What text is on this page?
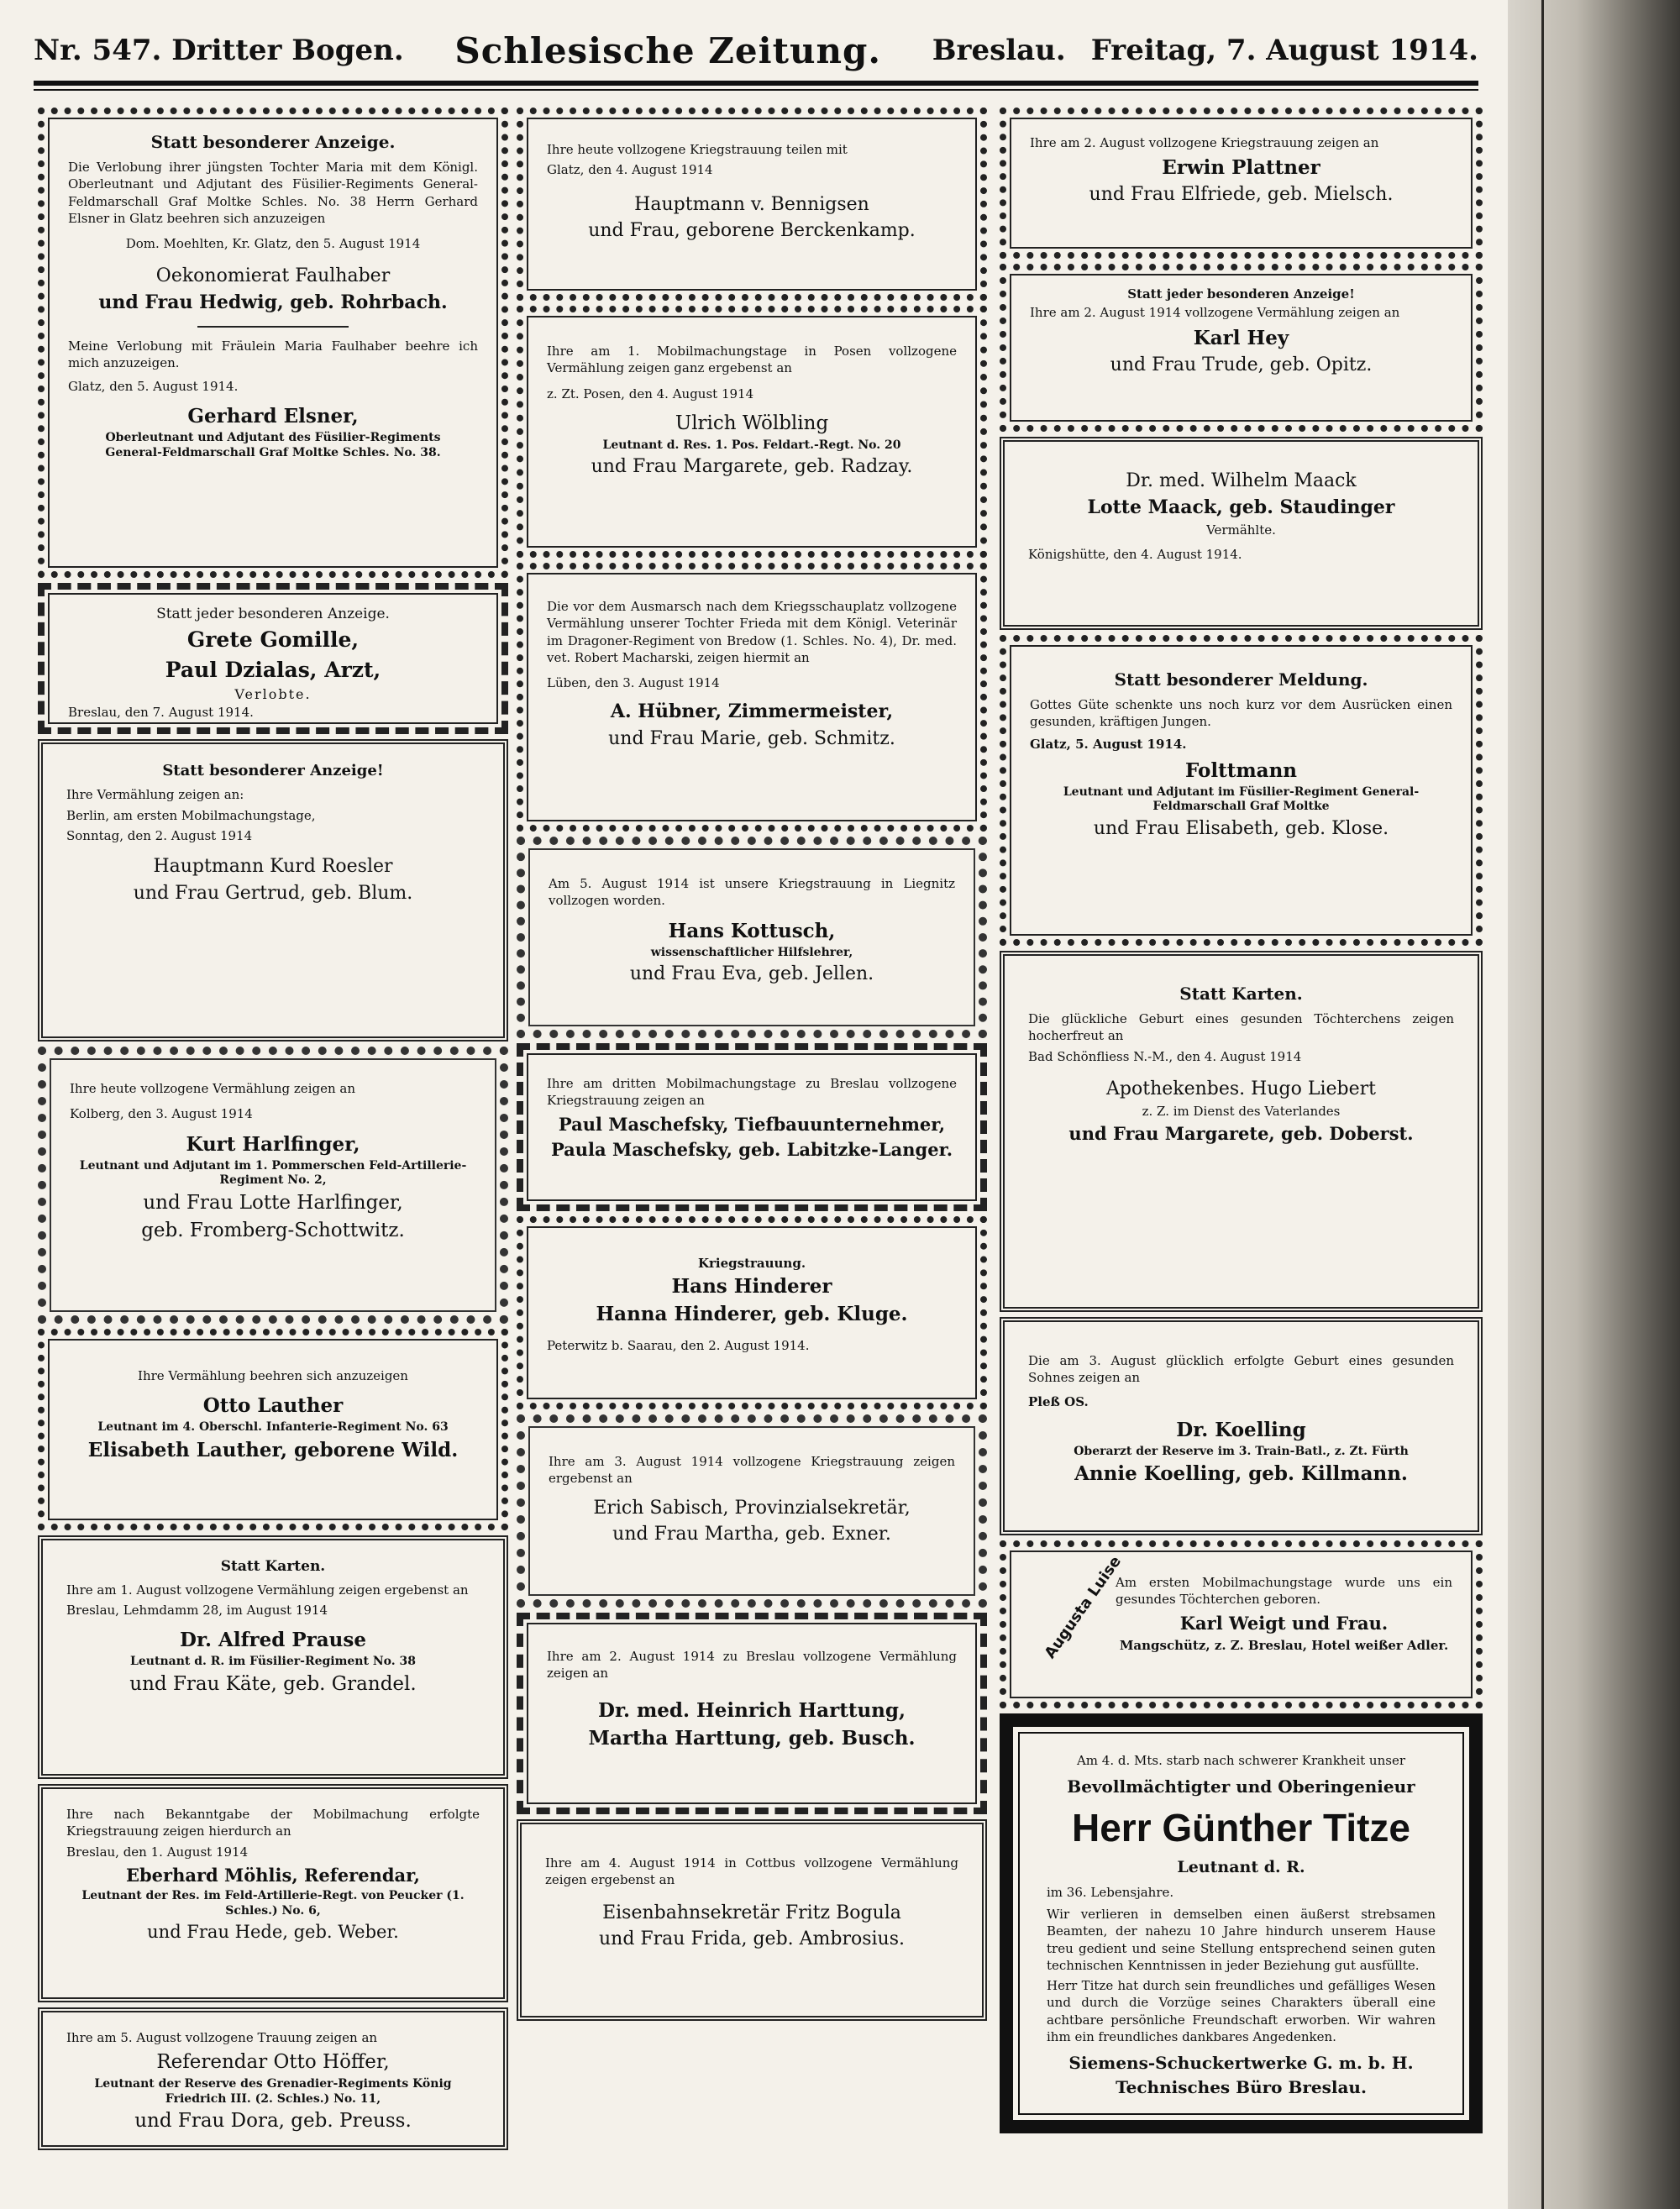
Nr. 547. Dritter Bogen. Schlesische Zeitung. Breslau. Freitag, 7. August 1914.
Statt besonderer Anzeige.
Die Verlobung ihrer jüngsten Tochter Maria mit dem Königl. Oberleutnant und Adjutant des Füsilier-Regiments General-Feldmarschall Graf Moltke Schles. No. 38 Herrn Gerhard Elsner in Glatz beehren sich anzuzeigen
Dom. Moehlten, Kr. Glatz, den 5. August 1914
Oekonomierat Faulhaber
und Frau Hedwig, geb. Rohrbach.
Meine Verlobung mit Fräulein Maria Faulhaber beehre ich mich anzuzeigen.
Glatz, den 5. August 1914.
Gerhard Elsner,
Oberleutnant und Adjutant des Füsilier-Regiments
General-Feldmarschall Graf Moltke Schles. No. 38.
Statt jeder besonderen Anzeige.
Grete Gomille,
Paul Dzialas, Arzt,
Verlobte.
Breslau, den 7. August 1914.
Statt besonderer Anzeige!
Ihre Vermählung zeigen an:
Berlin, am ersten Mobilmachungstage,
Sonntag, den 2. August 1914
Hauptmann Kurd Roesler
und Frau Gertrud, geb. Blum.
Ihre heute vollzogene Vermählung zeigen an
Kolberg, den 3. August 1914
Kurt Harlfinger,
Leutnant und Adjutant im 1. Pommerschen Feld-Artillerie-Regiment No. 2,
und Frau Lotte Harlfinger,
geb. Fromberg-Schottwitz.
Ihre Vermählung beehren sich anzuzeigen
Otto Lauther
Leutnant im 4. Oberschl. Infanterie-Regiment No. 63
Elisabeth Lauther, geborene Wild.
Statt Karten.
Ihre am 1. August vollzogene Vermählung zeigen ergebenst an
Breslau, Lehmdamm 28, im August 1914
Dr. Alfred Prause
Leutnant d. R. im Füsilier-Regiment No. 38
und Frau Käte, geb. Grandel.
Ihre nach Bekanntgabe der Mobilmachung erfolgte Kriegstrauung zeigen hierdurch an
Breslau, den 1. August 1914
Eberhard Möhlis, Referendar,
Leutnant der Res. im Feld-Artillerie-Regt. von Peucker (1. Schles.) No. 6,
und Frau Hede, geb. Weber.
Ihre am 5. August vollzogene Trauung zeigen an
Referendar Otto Höffer,
Leutnant der Reserve des Grenadier-Regiments König Friedrich III. (2. Schles.) No. 11,
und Frau Dora, geb. Preuss.
Ihre heute vollzogene Kriegstrauung teilen mit
Glatz, den 4. August 1914
Hauptmann v. Bennigsen
und Frau, geborene Berckenkamp.
Ihre am 1. Mobilmachungstage in Posen vollzogene Vermählung zeigen ganz ergebenst an
z. Zt. Posen, den 4. August 1914
Ulrich Wölbling
Leutnant d. Res. 1. Pos. Feldart.-Regt. No. 20
und Frau Margarete, geb. Radzay.
Die vor dem Ausmarsch nach dem Kriegsschauplatz vollzogene Vermählung unserer Tochter Frieda mit dem Königl. Veterinär im Dragoner-Regiment von Bredow (1. Schles. No. 4), Dr. med. vet. Robert Macharski, zeigen hiermit an
Lüben, den 3. August 1914
A. Hübner, Zimmermeister,
und Frau Marie, geb. Schmitz.
Am 5. August 1914 ist unsere Kriegstrauung in Liegnitz vollzogen worden.
Hans Kottusch,
wissenschaftlicher Hilfslehrer,
und Frau Eva, geb. Jellen.
Ihre am dritten Mobilmachungstage zu Breslau vollzogene Kriegstrauung zeigen an
Paul Maschefsky, Tiefbauunternehmer,
Paula Maschefsky, geb. Labitzke-Langer.
Kriegstrauung.
Hans Hinderer
Hanna Hinderer, geb. Kluge.
Peterwitz b. Saarau, den 2. August 1914.
Ihre am 3. August 1914 vollzogene Kriegstrauung zeigen ergebenst an
Erich Sabisch, Provinzialsekretär,
und Frau Martha, geb. Exner.
Ihre am 2. August 1914 zu Breslau vollzogene Vermählung zeigen an
Dr. med. Heinrich Harttung,
Martha Harttung, geb. Busch.
Ihre am 4. August 1914 in Cottbus vollzogene Vermählung zeigen ergebenst an
Eisenbahnsekretär Fritz Bogula
und Frau Frida, geb. Ambrosius.
Ihre am 2. August vollzogene Kriegstrauung zeigen an
Erwin Plattner
und Frau Elfriede, geb. Mielsch.
Statt jeder besonderen Anzeige!
Ihre am 2. August 1914 vollzogene Vermählung zeigen an
Karl Hey
und Frau Trude, geb. Opitz.
Dr. med. Wilhelm Maack
Lotte Maack, geb. Staudinger
Vermählte.
Königshütte, den 4. August 1914.
Statt besonderer Meldung.
Gottes Güte schenkte uns noch kurz vor dem Ausrücken einen gesunden, kräftigen Jungen.
Glatz, 5. August 1914.
Folttmann
Leutnant und Adjutant im Füsilier-Regiment General-Feldmarschall Graf Moltke
und Frau Elisabeth, geb. Klose.
Statt Karten.
Die glückliche Geburt eines gesunden Töchterchens zeigen hocherfreut an
Bad Schönfliess N.-M., den 4. August 1914
Apothekenbes. Hugo Liebert
z. Z. im Dienst des Vaterlandes
und Frau Margarete, geb. Doberst.
Die am 3. August glücklich erfolgte Geburt eines gesunden Sohnes zeigen an
Pleß OS.
Dr. Koelling
Oberarzt der Reserve im 3. Train-Batl., z. Zt. Fürth
Annie Koelling, geb. Killmann.
Augusta Luise
Am ersten Mobilmachungstage wurde uns ein gesundes Töchterchen geboren.
Karl Weigt und Frau.
Mangschütz, z. Z. Breslau, Hotel weißer Adler.
Am 4. d. Mts. starb nach schwerer Krankheit unser
Bevollmächtigter und Oberingenieur
Herr Günther Titze
Leutnant d. R.
im 36. Lebensjahre.
Wir verlieren in demselben einen äußerst strebsamen Beamten, der nahezu 10 Jahre hindurch unserem Hause treu gedient und seine Stellung entsprechend seinen guten technischen Kenntnissen in jeder Beziehung gut ausfüllte.
Herr Titze hat durch sein freundliches und gefälliges Wesen und durch die Vorzüge seines Charakters überall eine achtbare persönliche Freundschaft erworben. Wir wahren ihm ein freundliches dankbares Angedenken.
Siemens-Schuckertwerke G. m. b. H.
Technisches Büro Breslau.
